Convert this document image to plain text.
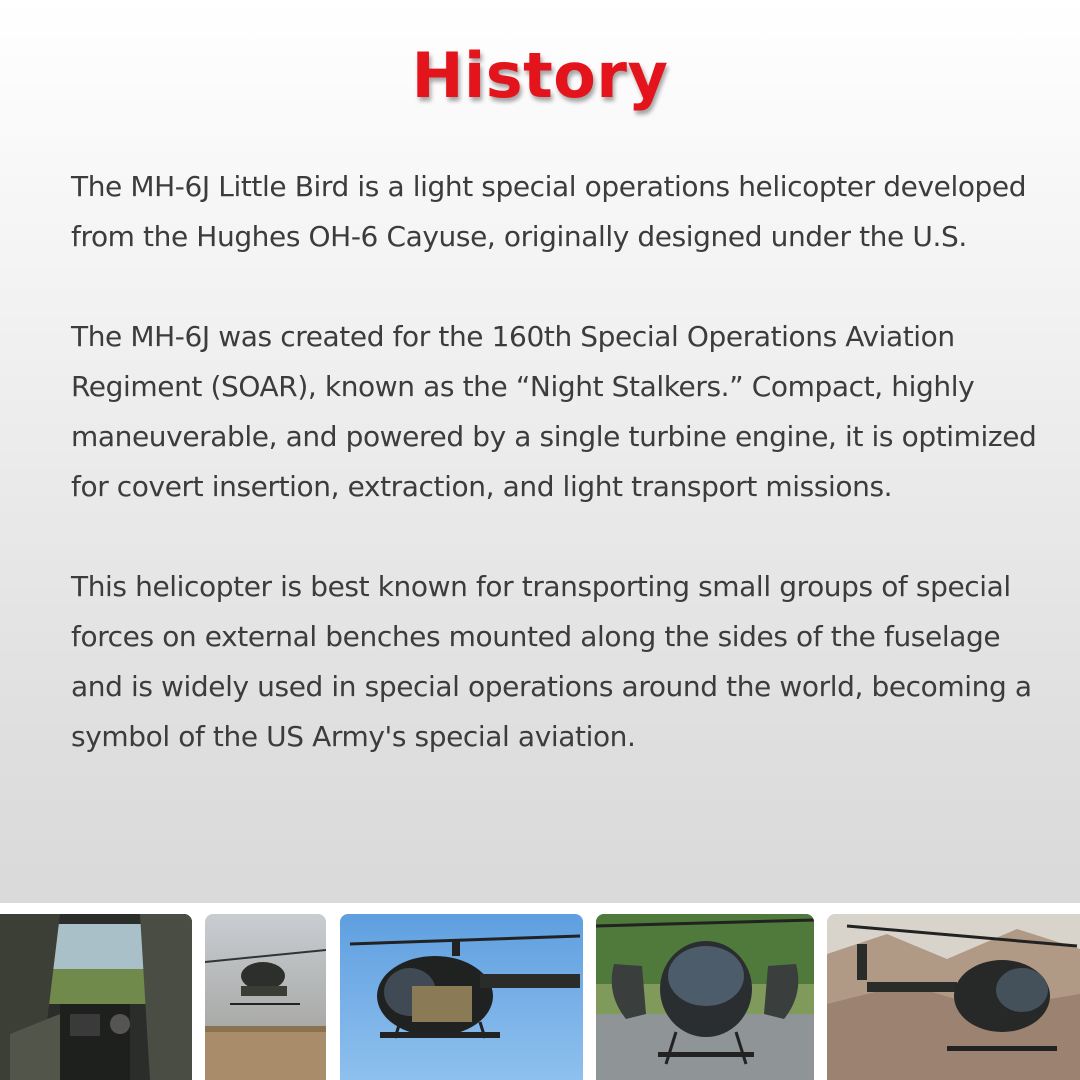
History

The MH-6J Little Bird is a light special operations helicopter developed from the Hughes OH-6 Cayuse, originally designed under the U.S.

The MH-6J was created for the 160th Special Operations Aviation Regiment (SOAR), known as the “Night Stalkers.” Compact, highly maneuverable, and powered by a single turbine engine, it is optimized for covert insertion, extraction, and light transport missions.

This helicopter is best known for transporting small groups of special forces on external benches mounted along the sides of the fuselage and is widely used in special operations around the world, becoming a symbol of the US Army's special aviation.
